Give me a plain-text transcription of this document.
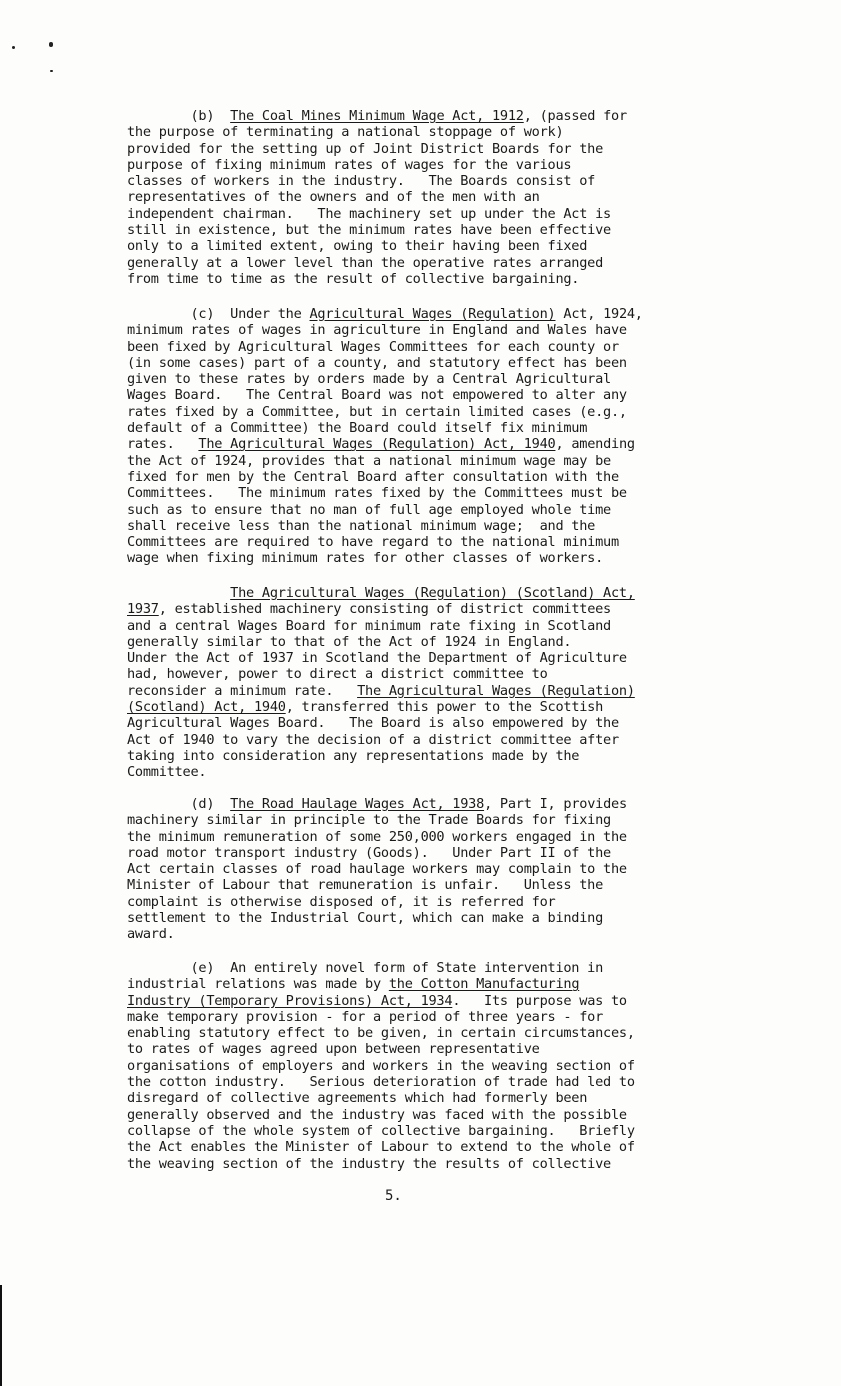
(b)  The Coal Mines Minimum Wage Act, 1912, (passed for
the purpose of terminating a national stoppage of work)
provided for the setting up of Joint District Boards for the
purpose of fixing minimum rates of wages for the various
classes of workers in the industry.   The Boards consist of
representatives of the owners and of the men with an
independent chairman.   The machinery set up under the Act is
still in existence, but the minimum rates have been effective
only to a limited extent, owing to their having been fixed
generally at a lower level than the operative rates arranged
from time to time as the result of collective bargaining.

(c)  Under the Agricultural Wages (Regulation) Act, 1924,
minimum rates of wages in agriculture in England and Wales have
been fixed by Agricultural Wages Committees for each county or
(in some cases) part of a county, and statutory effect has been
given to these rates by orders made by a Central Agricultural
Wages Board.   The Central Board was not empowered to alter any
rates fixed by a Committee, but in certain limited cases (e.g.,
default of a Committee) the Board could itself fix minimum
rates.   The Agricultural Wages (Regulation) Act, 1940, amending
the Act of 1924, provides that a national minimum wage may be
fixed for men by the Central Board after consultation with the
Committees.   The minimum rates fixed by the Committees must be
such as to ensure that no man of full age employed whole time
shall receive less than the national minimum wage;  and the
Committees are required to have regard to the national minimum
wage when fixing minimum rates for other classes of workers.

The Agricultural Wages (Regulation) (Scotland) Act,
1937, established machinery consisting of district committees
and a central Wages Board for minimum rate fixing in Scotland
generally similar to that of the Act of 1924 in England.
Under the Act of 1937 in Scotland the Department of Agriculture
had, however, power to direct a district committee to
reconsider a minimum rate.   The Agricultural Wages (Regulation)
(Scotland) Act, 1940, transferred this power to the Scottish
Agricultural Wages Board.   The Board is also empowered by the
Act of 1940 to vary the decision of a district committee after
taking into consideration any representations made by the
Committee.

(d)  The Road Haulage Wages Act, 1938, Part I, provides
machinery similar in principle to the Trade Boards for fixing
the minimum remuneration of some 250,000 workers engaged in the
road motor transport industry (Goods).   Under Part II of the
Act certain classes of road haulage workers may complain to the
Minister of Labour that remuneration is unfair.   Unless the
complaint is otherwise disposed of, it is referred for
settlement to the Industrial Court, which can make a binding
award.

(e)  An entirely novel form of State intervention in
industrial relations was made by the Cotton Manufacturing
Industry (Temporary Provisions) Act, 1934.   Its purpose was to
make temporary provision - for a period of three years - for
enabling statutory effect to be given, in certain circumstances,
to rates of wages agreed upon between representative
organisations of employers and workers in the weaving section of
the cotton industry.   Serious deterioration of trade had led to
disregard of collective agreements which had formerly been
generally observed and the industry was faced with the possible
collapse of the whole system of collective bargaining.   Briefly
the Act enables the Minister of Labour to extend to the whole of
the weaving section of the industry the results of collective

5.
